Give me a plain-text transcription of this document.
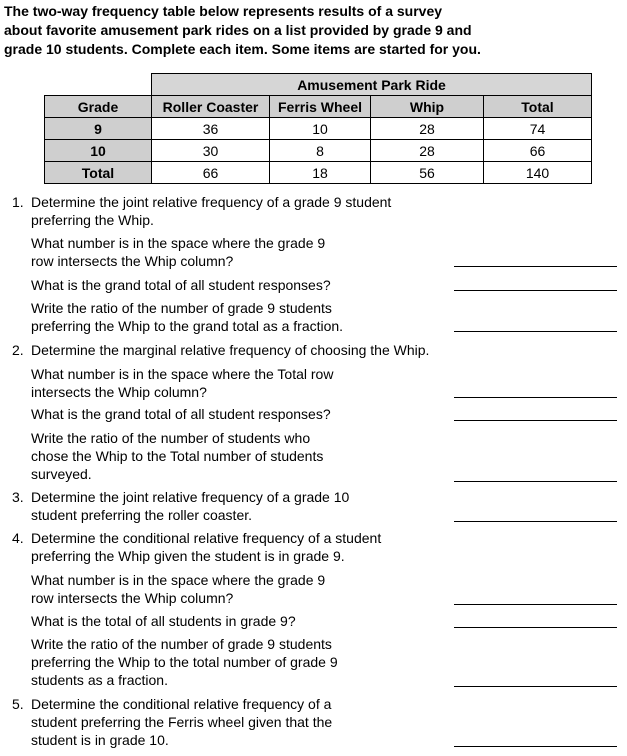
The two-way frequency table below represents results of a survey about favorite amusement park rides on a list provided by grade 9 and grade 10 students. Complete each item. Some items are started for you.
	Amusement Park Ride			
Grade	Roller Coaster	Ferris Wheel	Whip	Total
9	36	10	28	74
10	30	8	28	66
Total	66	18	56	140
1. Determine the joint relative frequency of a grade 9 student preferring the Whip.
What number is in the space where the grade 9 row intersects the Whip column?
What is the grand total of all student responses?
Write the ratio of the number of grade 9 students preferring the Whip to the grand total as a fraction.
2. Determine the marginal relative frequency of choosing the Whip.
What number is in the space where the Total row intersects the Whip column?
What is the grand total of all student responses?
Write the ratio of the number of students who chose the Whip to the Total number of students surveyed.
3. Determine the joint relative frequency of a grade 10 student preferring the roller coaster.
4. Determine the conditional relative frequency of a student preferring the Whip given the student is in grade 9.
What number is in the space where the grade 9 row intersects the Whip column?
What is the total of all students in grade 9?
Write the ratio of the number of grade 9 students preferring the Whip to the total number of grade 9 students as a fraction.
5. Determine the conditional relative frequency of a student preferring the Ferris wheel given that the student is in grade 10.
